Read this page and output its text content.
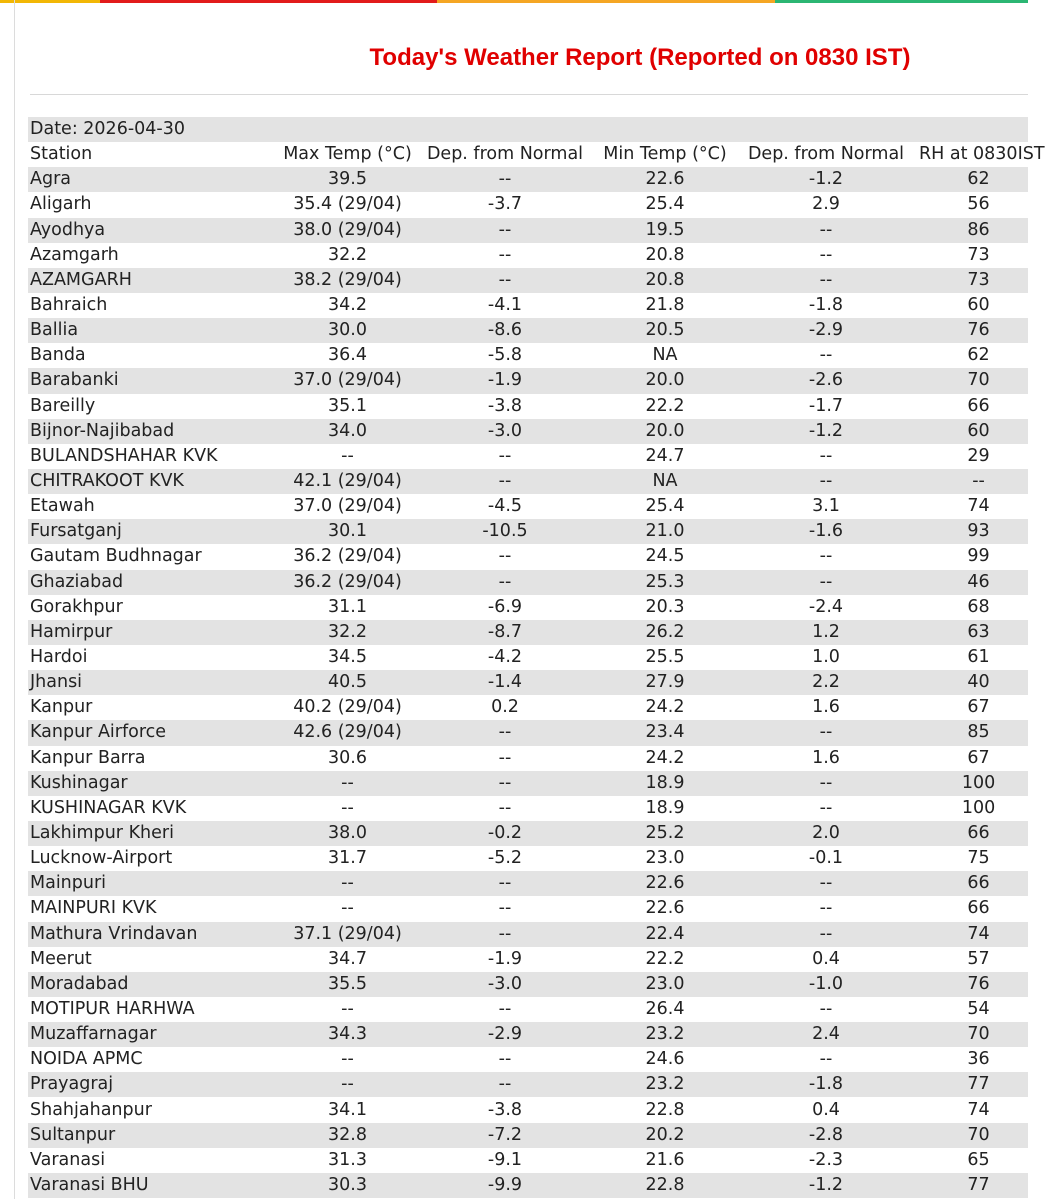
Today's Weather Report (Reported on 0830 IST)
Date: 2026-04-30					
Station	Max Temp (°C)	Dep. from Normal	Min Temp (°C)	Dep. from Normal	RH at 0830IST
Agra	39.5	--	22.6	-1.2	62
Aligarh	35.4 (29/04)	-3.7	25.4	2.9	56
Ayodhya	38.0 (29/04)	--	19.5	--	86
Azamgarh	32.2	--	20.8	--	73
AZAMGARH	38.2 (29/04)	--	20.8	--	73
Bahraich	34.2	-4.1	21.8	-1.8	60
Ballia	30.0	-8.6	20.5	-2.9	76
Banda	36.4	-5.8	NA	--	62
Barabanki	37.0 (29/04)	-1.9	20.0	-2.6	70
Bareilly	35.1	-3.8	22.2	-1.7	66
Bijnor-Najibabad	34.0	-3.0	20.0	-1.2	60
BULANDSHAHAR KVK	--	--	24.7	--	29
CHITRAKOOT KVK	42.1 (29/04)	--	NA	--	--
Etawah	37.0 (29/04)	-4.5	25.4	3.1	74
Fursatganj	30.1	-10.5	21.0	-1.6	93
Gautam Budhnagar	36.2 (29/04)	--	24.5	--	99
Ghaziabad	36.2 (29/04)	--	25.3	--	46
Gorakhpur	31.1	-6.9	20.3	-2.4	68
Hamirpur	32.2	-8.7	26.2	1.2	63
Hardoi	34.5	-4.2	25.5	1.0	61
Jhansi	40.5	-1.4	27.9	2.2	40
Kanpur	40.2 (29/04)	0.2	24.2	1.6	67
Kanpur Airforce	42.6 (29/04)	--	23.4	--	85
Kanpur Barra	30.6	--	24.2	1.6	67
Kushinagar	--	--	18.9	--	100
KUSHINAGAR KVK	--	--	18.9	--	100
Lakhimpur Kheri	38.0	-0.2	25.2	2.0	66
Lucknow-Airport	31.7	-5.2	23.0	-0.1	75
Mainpuri	--	--	22.6	--	66
MAINPURI KVK	--	--	22.6	--	66
Mathura Vrindavan	37.1 (29/04)	--	22.4	--	74
Meerut	34.7	-1.9	22.2	0.4	57
Moradabad	35.5	-3.0	23.0	-1.0	76
MOTIPUR HARHWA	--	--	26.4	--	54
Muzaffarnagar	34.3	-2.9	23.2	2.4	70
NOIDA APMC	--	--	24.6	--	36
Prayagraj	--	--	23.2	-1.8	77
Shahjahanpur	34.1	-3.8	22.8	0.4	74
Sultanpur	32.8	-7.2	20.2	-2.8	70
Varanasi	31.3	-9.1	21.6	-2.3	65
Varanasi BHU	30.3	-9.9	22.8	-1.2	77
